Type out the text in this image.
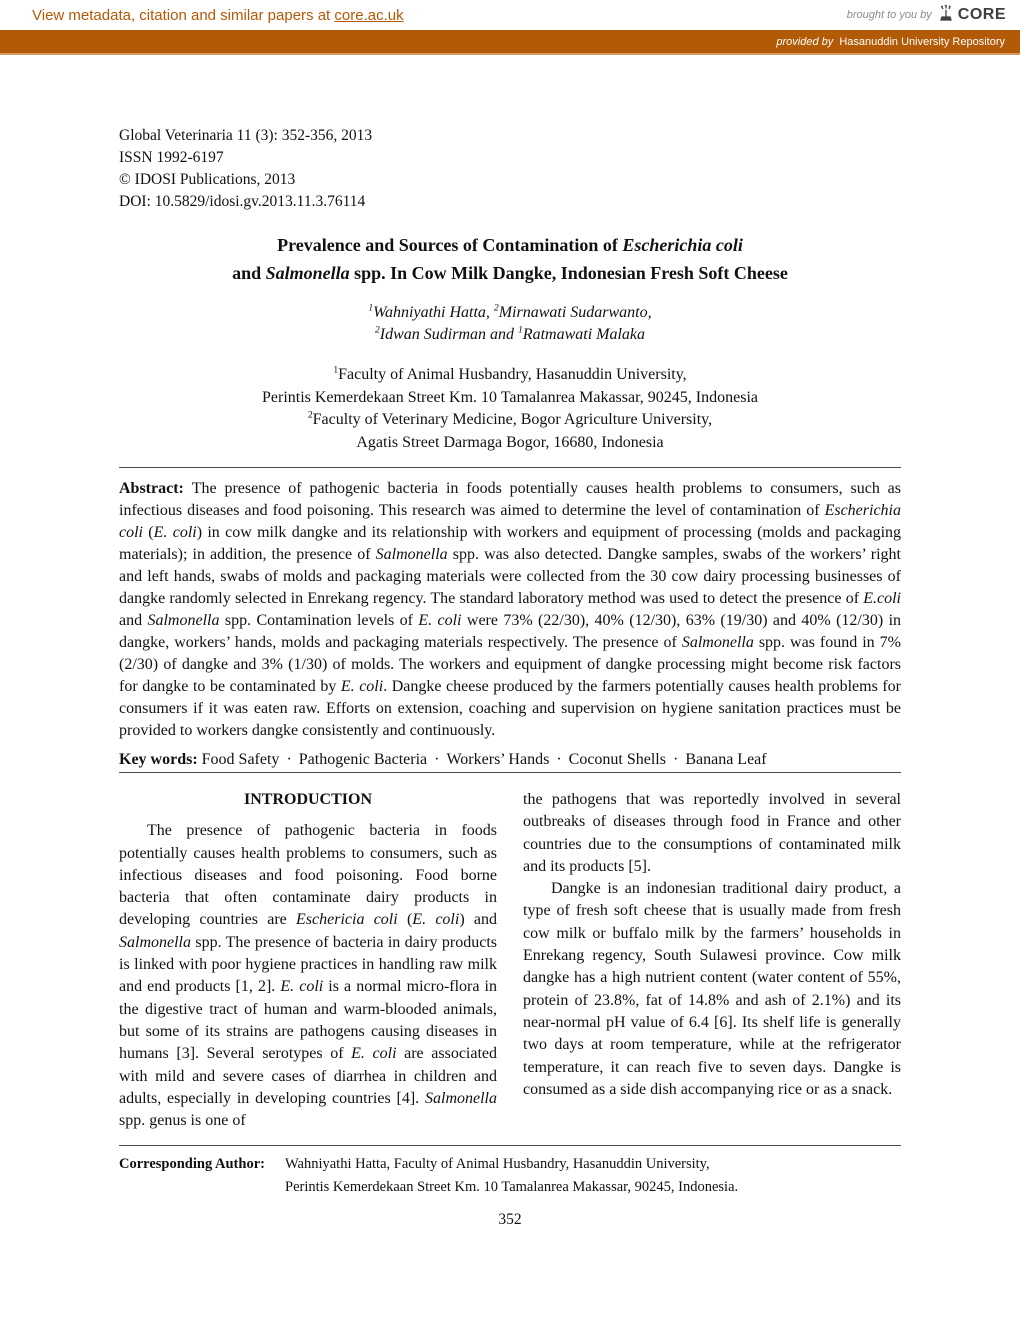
View metadata, citation and similar papers at core.ac.uk	brought to you by CORE
provided by Hasanuddin University Repository
Global Veterinaria 11 (3): 352-356, 2013
ISSN 1992-6197
© IDOSI Publications, 2013
DOI: 10.5829/idosi.gv.2013.11.3.76114
Prevalence and Sources of Contamination of Escherichia coli
and Salmonella spp. In Cow Milk Dangke, Indonesian Fresh Soft Cheese
$^1$Wahniyathi Hatta, $^2$Mirnawati Sudarwanto,
$^2$Idwan Sudirman and $^1$Ratmawati Malaka
$^1$Faculty of Animal Husbandry, Hasanuddin University,
Perintis Kemerdekaan Street Km. 10 Tamalanrea Makassar, 90245, Indonesia
$^2$Faculty of Veterinary Medicine, Bogor Agriculture University,
Agatis Street Darmaga Bogor, 16680, Indonesia
Abstract: The presence of pathogenic bacteria in foods potentially causes health problems to consumers, such as infectious diseases and food poisoning. This research was aimed to determine the level of contamination of Escherichia coli (E. coli) in cow milk dangke and its relationship with workers and equipment of processing (molds and packaging materials); in addition, the presence of Salmonella spp. was also detected. Dangke samples, swabs of the workers’ right and left hands, swabs of molds and packaging materials were collected from the 30 cow dairy processing businesses of dangke randomly selected in Enrekang regency. The standard laboratory method was used to detect the presence of E.coli and Salmonella spp. Contamination levels of E. coli were 73% (22/30), 40% (12/30), 63% (19/30) and 40% (12/30) in dangke, workers’ hands, molds and packaging materials respectively. The presence of Salmonella spp. was found in 7% (2/30) of dangke and 3% (1/30) of molds. The workers and equipment of dangke processing might become risk factors for dangke to be contaminated by E. coli. Dangke cheese produced by the farmers potentially causes health problems for consumers if it was eaten raw. Efforts on extension, coaching and supervision on hygiene sanitation practices must be provided to workers dangke consistently and continuously.
Key words: Food Safety · Pathogenic Bacteria · Workers’ Hands · Coconut Shells · Banana Leaf
INTRODUCTION

The presence of pathogenic bacteria in foods potentially causes health problems to consumers, such as infectious diseases and food poisoning. Food borne bacteria that often contaminate dairy products in developing countries are Eschericia coli (E. coli) and Salmonella spp. The presence of bacteria in dairy products is linked with poor hygiene practices in handling raw milk and end products [1, 2]. E. coli is a normal micro-flora in the digestive tract of human and warm-blooded animals, but some of its strains are pathogens causing diseases in humans [3]. Several serotypes of E. coli are associated with mild and severe cases of diarrhea in children and adults, especially in developing countries [4]. Salmonella spp. genus is one of

the pathogens that was reportedly involved in several outbreaks of diseases through food in France and other countries due to the consumptions of contaminated milk and its products [5].

Dangke is an indonesian traditional dairy product, a type of fresh soft cheese that is usually made from fresh cow milk or buffalo milk by the farmers’ households in Enrekang regency, South Sulawesi province. Cow milk dangke has a high nutrient content (water content of 55%, protein of 23.8%, fat of 14.8% and ash of 2.1%) and its near-normal pH value of 6.4 [6]. Its shelf life is generally two days at room temperature, while at the refrigerator temperature, it can reach five to seven days. Dangke is consumed as a side dish accompanying rice or as a snack.

Corresponding Author:	Wahniyathi Hatta, Faculty of Animal Husbandry, Hasanuddin University,
Perintis Kemerdekaan Street Km. 10 Tamalanrea Makassar, 90245, Indonesia.
352
